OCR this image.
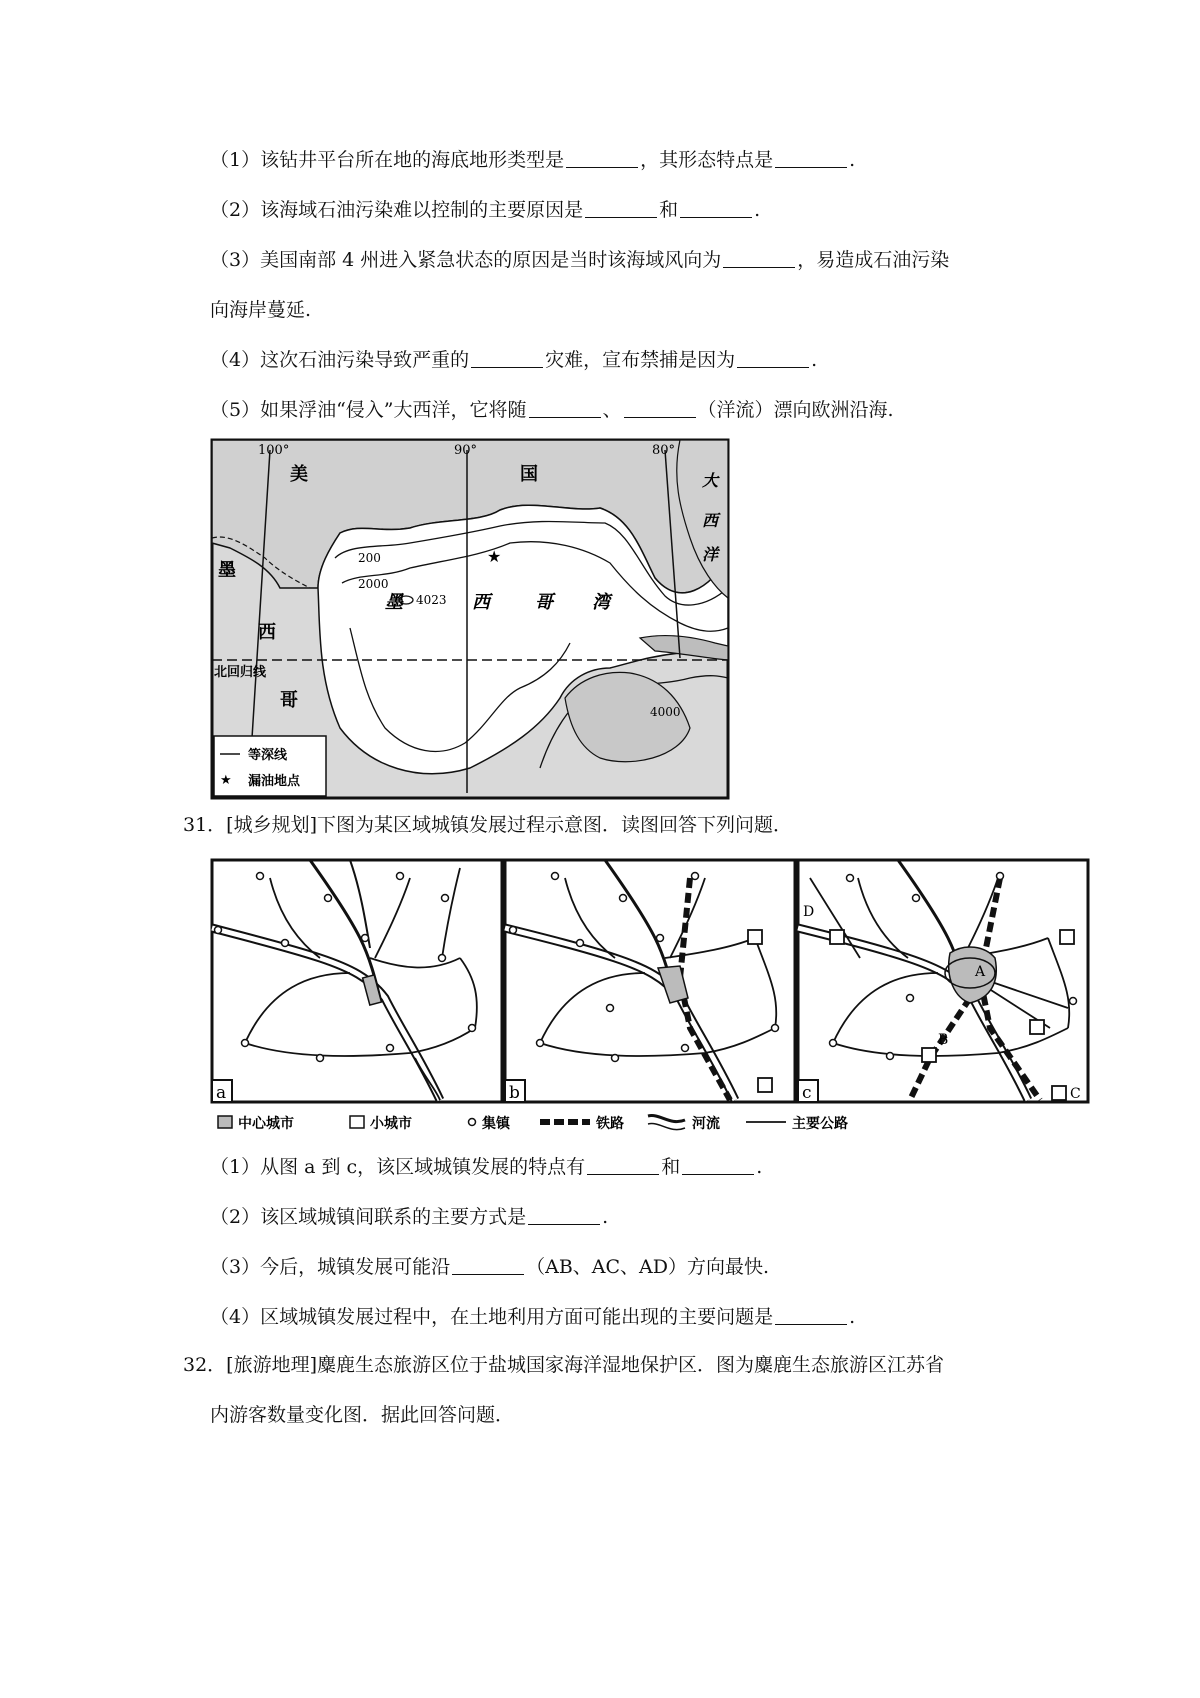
（1）该钻井平台所在地的海底地形类型是	，其形态特点是	.
（2）该海域石油污染难以控制的主要原因是	和	.
（3）美国南部 4 州进入紧急状态的原因是当时该海域风向为	，易造成石油污染
向海岸蔓延.
（4）这次石油污染导致严重的	灾难，宣布禁捕是因为	.
（5）如果浮油“侵入”大西洋，它将随	、	（洋流）漂向欧洲沿海.
★
100°	90°	80°
美	国
墨
西
哥
墨	西	哥 湾
大
西
洋
200
2000
4023
4000
北回归线
等深线
★ 漏油地点
31．[城乡规划]下图为某区域城镇发展过程示意图．读图回答下列问题．
a	b
D
A
B
C
c
中心城市	小城市	集镇	铁路	河流	主要公路
（1）从图 a 到 c，该区域城镇发展的特点有	和	.
（2）该区域城镇间联系的主要方式是	.
（3）今后，城镇发展可能沿	（AB、AC、AD）方向最快.
（4）区域城镇发展过程中，在土地利用方面可能出现的主要问题是	.
32．[旅游地理]麋鹿生态旅游区位于盐城国家海洋湿地保护区．图为麋鹿生态旅游区江苏省
内游客数量变化图．据此回答问题．
